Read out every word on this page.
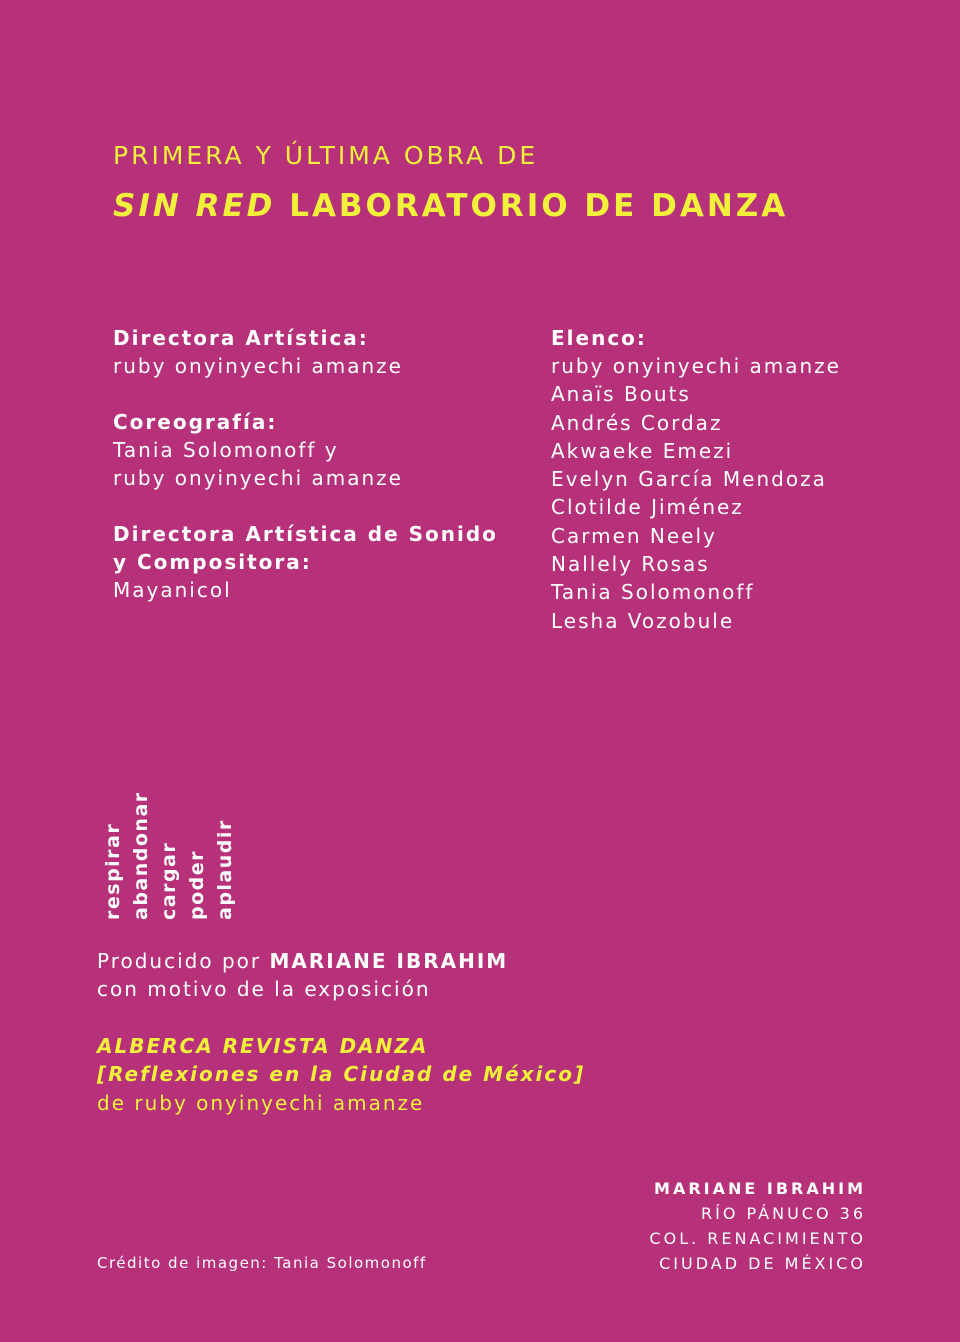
PRIMERA Y ÚLTIMA OBRA DE

SIN RED LABORATORIO DE DANZA

Directora Artística:
ruby onyinyechi amanze
Coreografía:
Tania Solomonoff y
ruby onyinyechi amanze
Directora Artística de Sonido
y Compositora:
Mayanicol
Elenco:
ruby onyinyechi amanze
Anaïs Bouts
Andrés Cordaz
Akwaeke Emezi
Evelyn García Mendoza
Clotilde Jiménez
Carmen Neely
Nallely Rosas
Tania Solomonoff
Lesha Vozobule
respirar abandonar cargar poder aplaudir
Producido por MARIANE IBRAHIM
con motivo de la exposición
ALBERCA REVISTA DANZA
[Reflexiones en la Ciudad de México]
de ruby onyinyechi amanze
Crédito de imagen: Tania Solomonoff
MARIANE IBRAHIM
RÍO PÁNUCO 36
COL. RENACIMIENTO
CIUDAD DE MÉXICO
